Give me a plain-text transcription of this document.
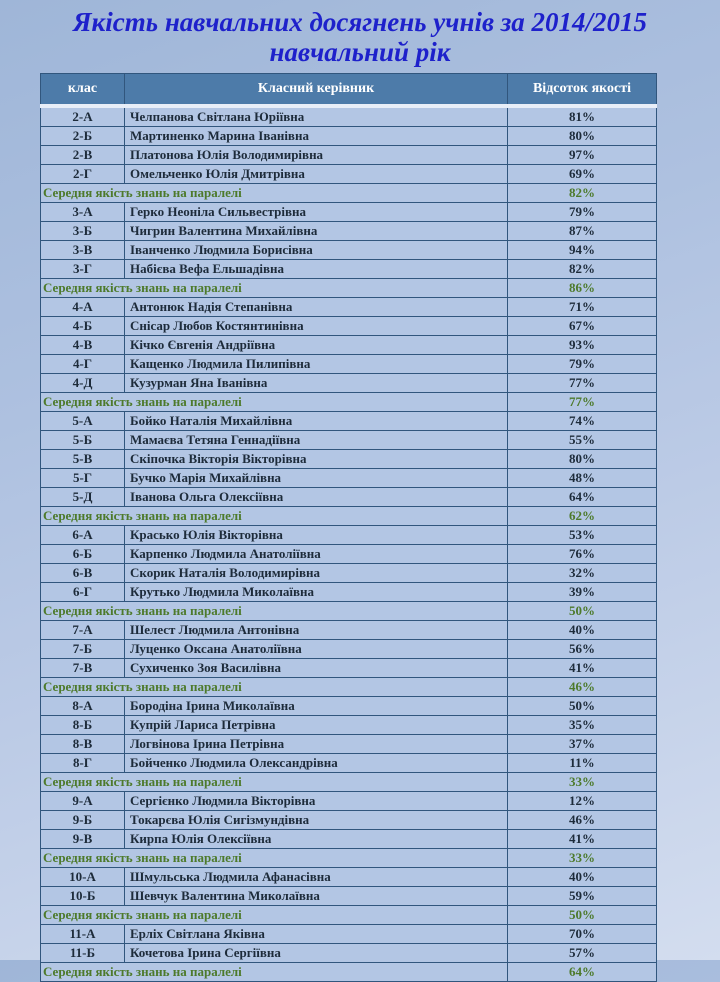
Якість навчальних досягнень учнів за 2014/2015 навчальний рік
клас	Класний керівник	Відсоток якості
2-А	Челпанова Світлана Юріївна	81%
2-Б	Мартиненко Марина Іванівна	80%
2-В	Платонова Юлія Володимирівна	97%
2-Г	Омельченко Юлія Дмитрівна	69%
Середня якість знань на паралелі		82%
3-А	Герко Неоніла Сильвестрівна	79%
3-Б	Чигрин Валентина Михайлівна	87%
3-В	Іванченко Людмила Борисівна	94%
3-Г	Набієва Вефа Ельшадівна	82%
Середня якість знань на паралелі		86%
4-А	Антонюк Надія Степанівна	71%
4-Б	Снісар Любов Костянтинівна	67%
4-В	Кічко Євгенія Андріївна	93%
4-Г	Кащенко Людмила Пилипівна	79%
4-Д	Кузурман Яна Іванівна	77%
Середня якість знань на паралелі		77%
5-А	Бойко Наталія Михайлівна	74%
5-Б	Мамаєва Тетяна Геннадіївна	55%
5-В	Скіпочка Вікторія Вікторівна	80%
5-Г	Бучко Марія Михайлівна	48%
5-Д	Іванова Ольга Олексіївна	64%
Середня якість знань на паралелі		62%
6-А	Красько Юлія Вікторівна	53%
6-Б	Карпенко Людмила Анатоліївна	76%
6-В	Скорик Наталія Володимирівна	32%
6-Г	Крутько Людмила Миколаївна	39%
Середня якість знань на паралелі		50%
7-А	Шелест Людмила Антонівна	40%
7-Б	Луценко Оксана Анатоліївна	56%
7-В	Сухиченко Зоя Василівна	41%
Середня якість знань на паралелі		46%
8-А	Бородіна Ірина Миколаївна	50%
8-Б	Купрій Лариса Петрівна	35%
8-В	Логвінова Ірина Петрівна	37%
8-Г	Бойченко Людмила Олександрівна	11%
Середня якість знань на паралелі		33%
9-А	Сергієнко Людмила Вікторівна	12%
9-Б	Токарєва Юлія Сигізмундівна	46%
9-В	Кирпа Юлія Олексіївна	41%
Середня якість знань на паралелі		33%
10-А	Шмульська Людмила Афанасівна	40%
10-Б	Шевчук Валентина Миколаївна	59%
Середня якість знань на паралелі		50%
11-А	Ерліх Світлана Яківна	70%
11-Б	Кочетова Ірина Сергіївна	57%
Середня якість знань на паралелі		64%
